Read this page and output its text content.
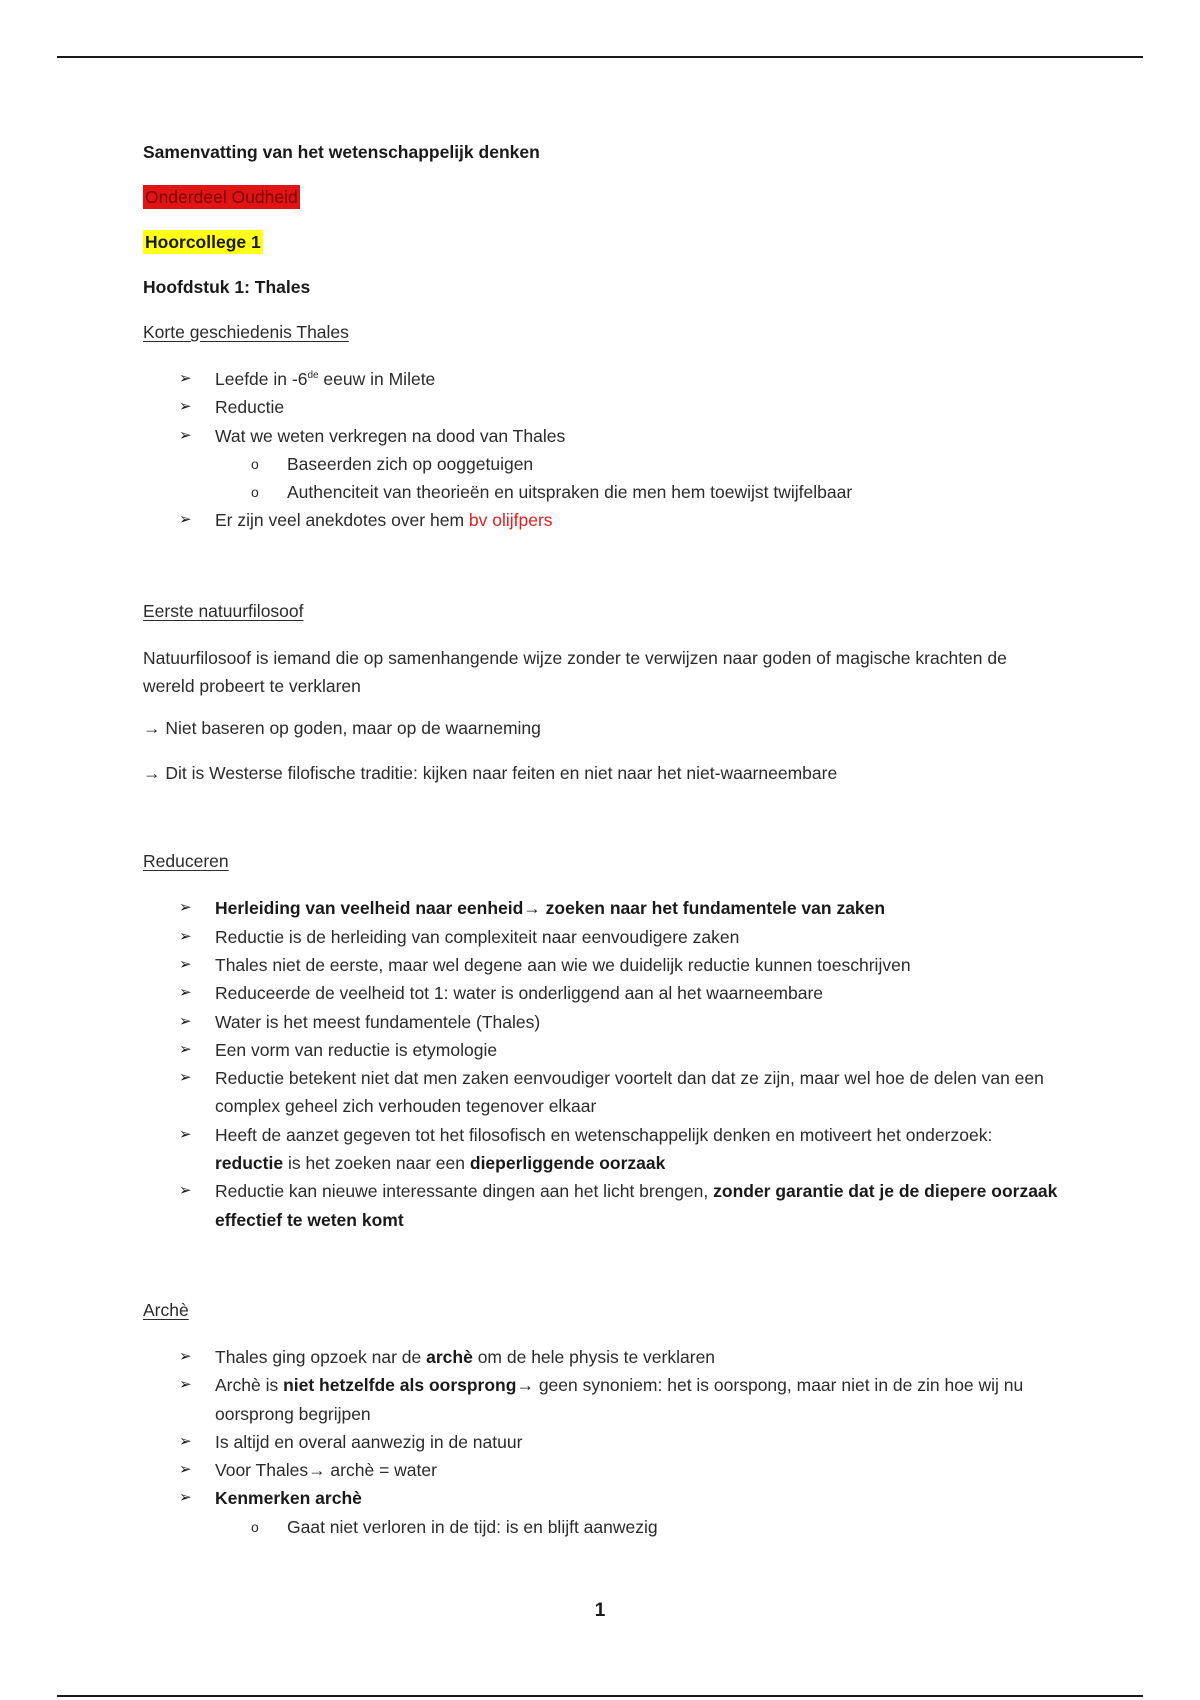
Samenvatting van het wetenschappelijk denken
Onderdeel Oudheid
Hoorcollege 1
Hoofdstuk 1: Thales
Korte geschiedenis Thales
➢ Leefde in -6de eeuw in Milete
➢ Reductie
➢ Wat we weten verkregen na dood van Thales
o Baseerden zich op ooggetuigen
o Authenciteit van theorieën en uitspraken die men hem toewijst twijfelbaar
➢ Er zijn veel anekdotes over hem bv olijfpers
Eerste natuurfilosoof
Natuurfilosoof is iemand die op samenhangende wijze zonder te verwijzen naar goden of magische krachten de wereld probeert te verklaren
→ Niet baseren op goden, maar op de waarneming
→ Dit is Westerse filofische traditie: kijken naar feiten en niet naar het niet-waarneembare
Reduceren
➢ Herleiding van veelheid naar eenheid→ zoeken naar het fundamentele van zaken
➢ Reductie is de herleiding van complexiteit naar eenvoudigere zaken
➢ Thales niet de eerste, maar wel degene aan wie we duidelijk reductie kunnen toeschrijven
➢ Reduceerde de veelheid tot 1: water is onderliggend aan al het waarneembare
➢ Water is het meest fundamentele (Thales)
➢ Een vorm van reductie is etymologie
➢ Reductie betekent niet dat men zaken eenvoudiger voortelt dan dat ze zijn, maar wel hoe de delen van een complex geheel zich verhouden tegenover elkaar
➢ Heeft de aanzet gegeven tot het filosofisch en wetenschappelijk denken en motiveert het onderzoek: reductie is het zoeken naar een dieperliggende oorzaak
➢ Reductie kan nieuwe interessante dingen aan het licht brengen, zonder garantie dat je de diepere oorzaak effectief te weten komt
Archè
➢ Thales ging opzoek nar de archè om de hele physis te verklaren
➢ Archè is niet hetzelfde als oorsprong→ geen synoniem: het is oorspong, maar niet in de zin hoe wij nu oorsprong begrijpen
➢ Is altijd en overal aanwezig in de natuur
➢ Voor Thales→ archè = water
➢ Kenmerken archè
o Gaat niet verloren in de tijd: is en blijft aanwezig
1
